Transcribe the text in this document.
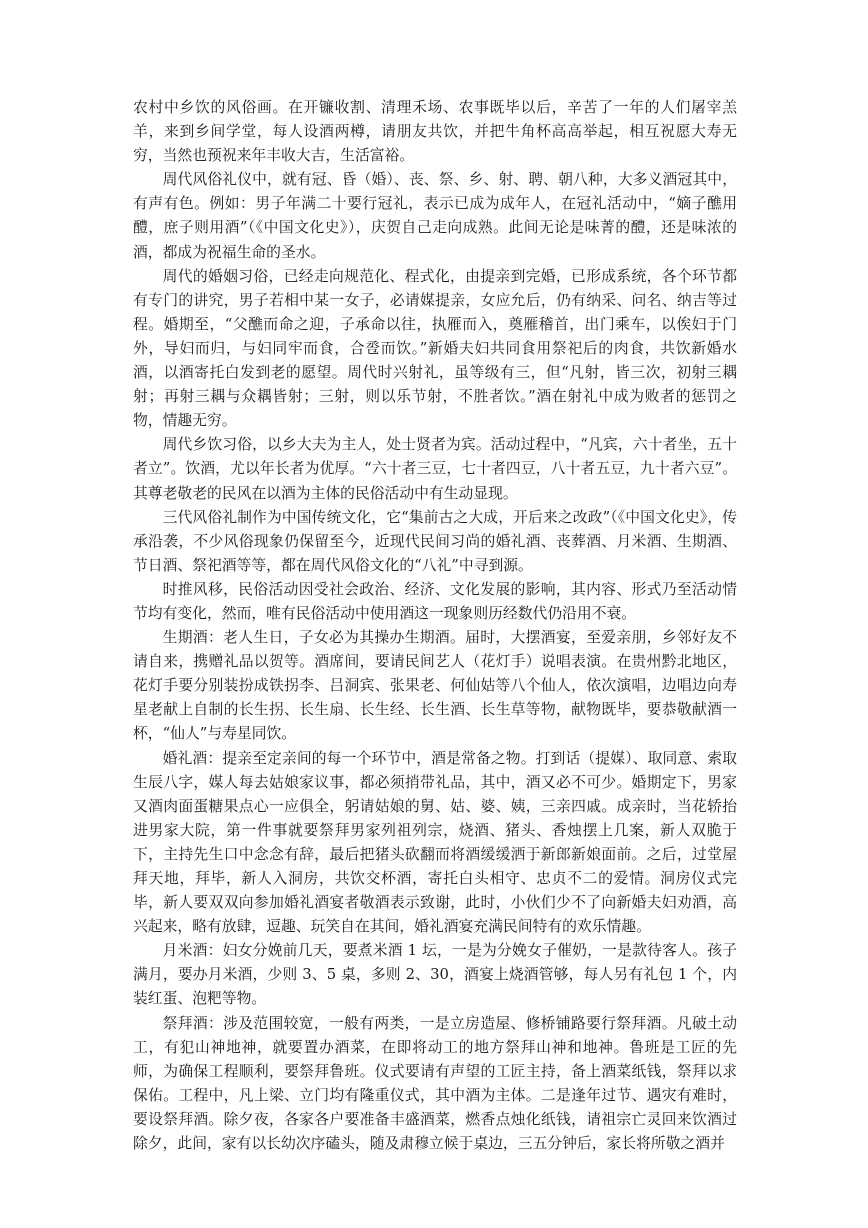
农村中乡饮的风俗画。在开镰收割、清理禾场、农事既毕以后，辛苦了一年的人们屠宰羔羊，来到乡间学堂，每人设酒两樽，请朋友共饮，并把牛角杯高高举起，相互祝愿大寿无穷，当然也预祝来年丰收大吉，生活富裕。

周代风俗礼仪中，就有冠、昏（婚）、丧、祭、乡、射、聘、朝八种，大多义酒冠其中，有声有色。例如：男子年满二十要行冠礼，表示已成为成年人，在冠礼活动中，“嫡子醮用醴，庶子则用酒”（《中国文化史》），庆贺自己走向成熟。此间无论是味菁的醴，还是味浓的酒，都成为祝福生命的圣水。

周代的婚姻习俗，已经走向规范化、程式化，由提亲到完婚，已形成系统，各个环节都有专门的讲究，男子若相中某一女子，必请媒提亲，女应允后，仍有纳采、问名、纳吉等过程。婚期至，“父醮而命之迎，子承命以往，执雁而入，奠雁稽首，出门乘车，以俟妇于门外，导妇而归，与妇同牢而食，合卺而饮。”新婚夫妇共同食用祭祀后的肉食，共饮新婚水酒，以酒寄托白发到老的愿望。周代时兴射礼，虽等级有三，但“凡射，皆三次，初射三耦射；再射三耦与众耦皆射；三射，则以乐节射，不胜者饮。”酒在射礼中成为败者的惩罚之物，情趣无穷。

周代乡饮习俗，以乡大夫为主人，处士贤者为宾。活动过程中，“凡宾，六十者坐，五十者立”。饮酒，尤以年长者为优厚。“六十者三豆，七十者四豆，八十者五豆，九十者六豆”。其尊老敬老的民风在以酒为主体的民俗活动中有生动显现。

三代风俗礼制作为中国传统文化，它“集前古之大成，开后来之改政”（《中国文化史》，传承沿袭，不少风俗现象仍保留至今，近现代民间习尚的婚礼酒、丧葬酒、月米酒、生期酒、节日酒、祭祀酒等等，都在周代风俗文化的“八礼”中寻到源。

时推风移，民俗活动因受社会政治、经济、文化发展的影响，其内容、形式乃至活动情节均有变化，然而，唯有民俗活动中使用酒这一现象则历经数代仍沿用不衰。

生期酒：老人生日，子女必为其操办生期酒。届时，大摆酒宴，至爱亲朋，乡邻好友不请自来，携赠礼品以贺等。酒席间，要请民间艺人（花灯手）说唱表演。在贵州黔北地区，花灯手要分别装扮成铁拐李、吕洞宾、张果老、何仙姑等八个仙人，依次演唱，边唱边向寿星老献上自制的长生拐、长生扇、长生经、长生酒、长生草等物，献物既毕，要恭敬献酒一杯，“仙人”与寿星同饮。

婚礼酒：提亲至定亲间的每一个环节中，酒是常备之物。打到话（提媒）、取同意、索取生辰八字，媒人每去姑娘家议事，都必须捎带礼品，其中，酒又必不可少。婚期定下，男家又酒肉面蛋糖果点心一应俱全，躬请姑娘的舅、姑、婆、姨，三亲四戚。成亲时，当花轿抬进男家大院，第一件事就要祭拜男家列祖列宗，烧酒、猪头、香烛摆上几案，新人双脆于下，主持先生口中念念有辞，最后把猪头砍翻而将酒缓缓洒于新郎新娘面前。之后，过堂屋拜天地，拜毕，新人入洞房，共饮交杯酒，寄托白头相守、忠贞不二的爱情。洞房仪式完毕，新人要双双向参加婚礼酒宴者敬酒表示致谢，此时，小伙们少不了向新婚夫妇劝酒，高兴起来，略有放肆，逗趣、玩笑自在其间，婚礼酒宴充满民间特有的欢乐情趣。

月米酒：妇女分娩前几天，要煮米酒 1 坛，一是为分娩女子催奶，一是款待客人。孩子满月，要办月米酒，少则 3、5 桌，多则 2、30，酒宴上烧酒管够，每人另有礼包 1 个，内装红蛋、泡粑等物。

祭拜酒：涉及范围较宽，一般有两类，一是立房造屋、修桥铺路要行祭拜酒。凡破土动工，有犯山神地神，就要置办酒菜，在即将动工的地方祭拜山神和地神。鲁班是工匠的先师，为确保工程顺利，要祭拜鲁班。仪式要请有声望的工匠主持，备上酒菜纸钱，祭拜以求保佑。工程中，凡上梁、立门均有隆重仪式，其中酒为主体。二是逢年过节、遇灾有难时，要设祭拜酒。除夕夜，各家各户要准备丰盛酒菜，燃香点烛化纸钱，请祖宗亡灵回来饮酒过除夕，此间，家有以长幼次序磕头，随及肃穆立候于桌边，三五分钟后，家长将所敬之酒并
